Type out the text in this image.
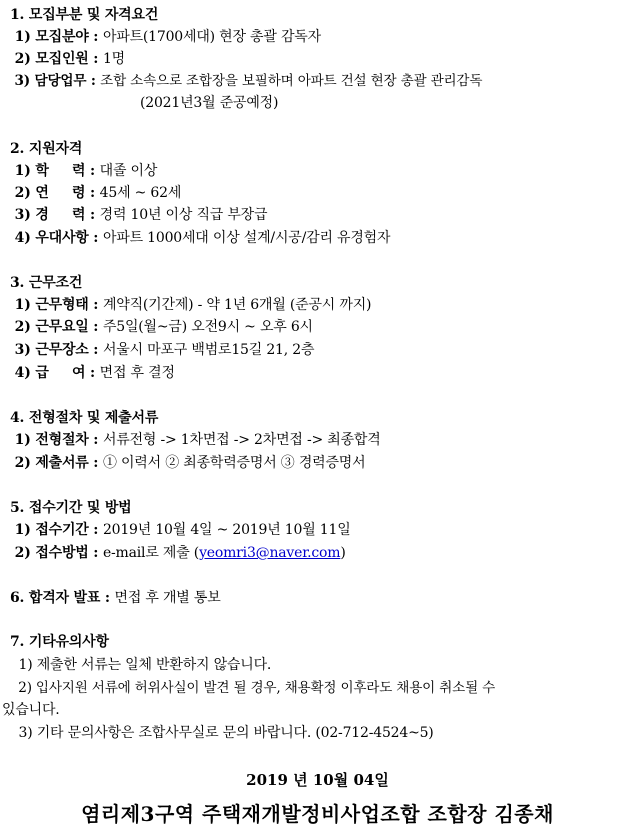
1. 모집부분 및 자격요건
1) 모집분야 : 아파트(1700세대) 현장 총괄 감독자
2) 모집인원 : 1명
3) 담당업무 : 조합 소속으로 조합장을 보필하며 아파트 건설 현장 총괄 관리감독
(2021년3월 준공예정)
2. 지원자격
1) 학     력 : 대졸 이상
2) 연     령 : 45세 ~ 62세
3) 경     력 : 경력 10년 이상 직급 부장급
4) 우대사항 : 아파트 1000세대 이상 설계/시공/감리 유경험자
3. 근무조건
1) 근무형태 : 계약직(기간제) - 약 1년 6개월 (준공시 까지)
2) 근무요일 : 주5일(월~금) 오전9시 ~ 오후 6시
3) 근무장소 : 서울시 마포구 백범로15길 21, 2층
4) 급     여 : 면접 후 결정
4. 전형절차 및 제출서류
1) 전형절차 : 서류전형 -> 1차면접 -> 2차면접 -> 최종합격
2) 제출서류 : ① 이력서 ② 최종학력증명서 ③ 경력증명서
5. 접수기간 및 방법
1) 접수기간 : 2019년 10월 4일 ~ 2019년 10월 11일
2) 접수방법 : e-mail로 제출 (yeomri3@naver.com)
6. 합격자 발표 : 면접 후 개별 통보
7. 기타유의사항
1) 제출한 서류는 일체 반환하지 않습니다.
2) 입사지원 서류에 허위사실이 발견 될 경우, 채용확정 이후라도 채용이 취소될 수
있습니다.
3) 기타 문의사항은 조합사무실로 문의 바랍니다. (02-712-4524~5)
2019 년 10월 04일
염리제3구역 주택재개발정비사업조합 조합장 김종채
